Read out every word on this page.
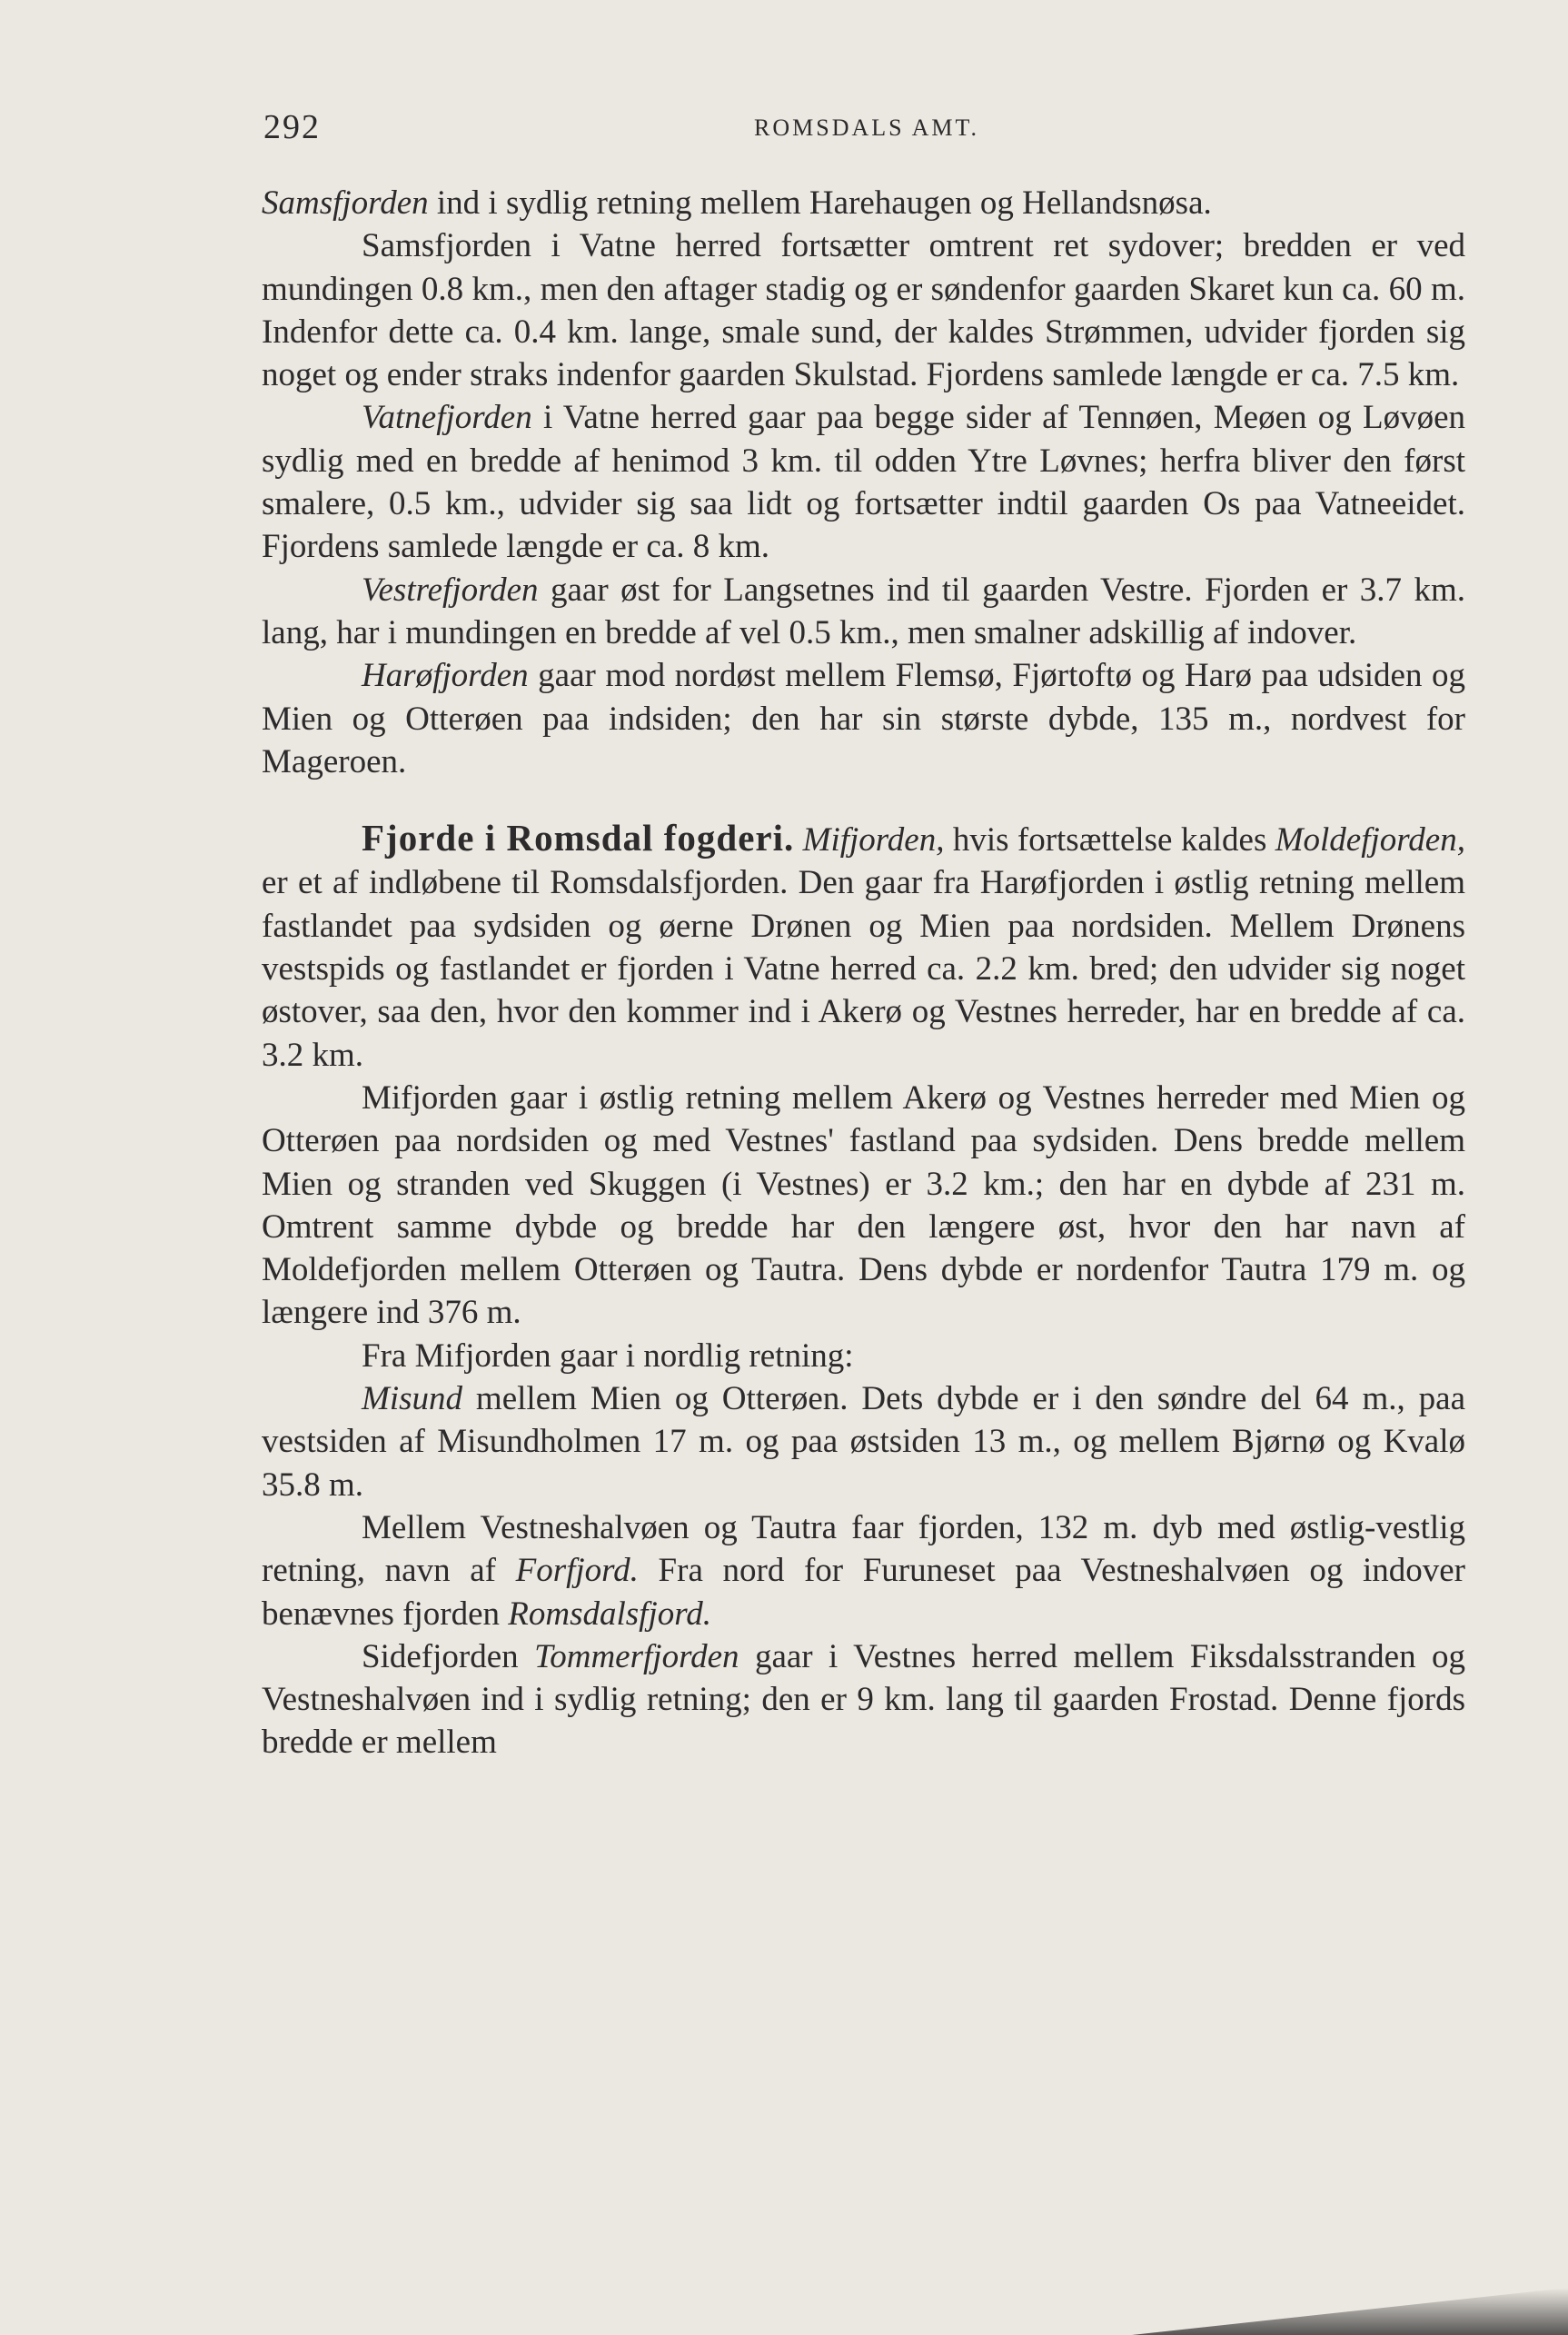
292	ROMSDALS AMT.

Samsfjorden ind i sydlig retning mellem Harehaugen og Hellandsnøsa.

Samsfjorden i Vatne herred fortsætter omtrent ret sydover; bredden er ved mundingen 0.8 km., men den aftager stadig og er søndenfor gaarden Skaret kun ca. 60 m. Indenfor dette ca. 0.4 km. lange, smale sund, der kaldes Strømmen, udvider fjorden sig noget og ender straks indenfor gaarden Skulstad. Fjordens samlede længde er ca. 7.5 km.

Vatnefjorden i Vatne herred gaar paa begge sider af Tennøen, Meøen og Løvøen sydlig med en bredde af henimod 3 km. til odden Ytre Løvnes; herfra bliver den først smalere, 0.5 km., udvider sig saa lidt og fortsætter indtil gaarden Os paa Vatneeidet. Fjordens samlede længde er ca. 8 km.

Vestrefjorden gaar øst for Langsetnes ind til gaarden Vestre. Fjorden er 3.7 km. lang, har i mundingen en bredde af vel 0.5 km., men smalner adskillig af indover.

Harøfjorden gaar mod nordøst mellem Flemsø, Fjørtoftø og Harø paa udsiden og Mien og Otterøen paa indsiden; den har sin største dybde, 135 m., nordvest for Mageroen.

Fjorde i Romsdal fogderi. Mifjorden, hvis fortsættelse kaldes Moldefjorden, er et af indløbene til Romsdalsfjorden. Den gaar fra Harøfjorden i østlig retning mellem fastlandet paa sydsiden og øerne Drønen og Mien paa nordsiden. Mellem Drønens vestspids og fastlandet er fjorden i Vatne herred ca. 2.2 km. bred; den udvider sig noget østover, saa den, hvor den kommer ind i Akerø og Vestnes herreder, har en bredde af ca. 3.2 km.

Mifjorden gaar i østlig retning mellem Akerø og Vestnes herreder med Mien og Otterøen paa nordsiden og med Vestnes' fastland paa sydsiden. Dens bredde mellem Mien og stranden ved Skuggen (i Vestnes) er 3.2 km.; den har en dybde af 231 m. Omtrent samme dybde og bredde har den længere øst, hvor den har navn af Moldefjorden mellem Otterøen og Tautra. Dens dybde er nordenfor Tautra 179 m. og længere ind 376 m.

Fra Mifjorden gaar i nordlig retning:

Misund mellem Mien og Otterøen. Dets dybde er i den søndre del 64 m., paa vestsiden af Misundholmen 17 m. og paa østsiden 13 m., og mellem Bjørnø og Kvalø 35.8 m.

Mellem Vestneshalvøen og Tautra faar fjorden, 132 m. dyb med østlig-vestlig retning, navn af Forfjord. Fra nord for Furuneset paa Vestneshalvøen og indover benævnes fjorden Romsdalsfjord.

Sidefjorden Tommerfjorden gaar i Vestnes herred mellem Fiksdalsstranden og Vestneshalvøen ind i sydlig retning; den er 9 km. lang til gaarden Frostad. Denne fjords bredde er mellem
